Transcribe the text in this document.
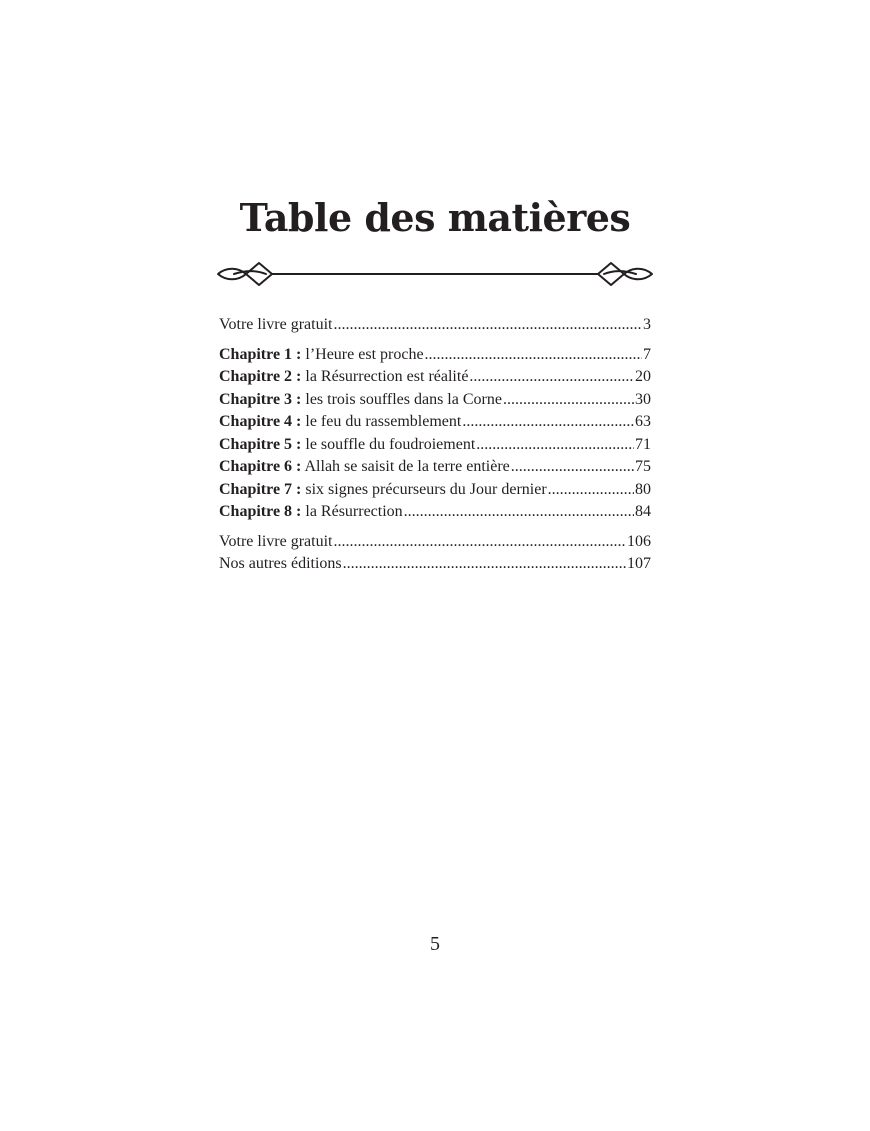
Table des matières
Votre livre gratuit .....	3
Chapitre 1 : l’Heure est proche .....	7
Chapitre 2 : la Résurrection est réalité .....	20
Chapitre 3 : les trois souffles dans la Corne .....	30
Chapitre 4 : le feu du rassemblement .....	63
Chapitre 5 : le souffle du foudroiement .....	71
Chapitre 6 : Allah se saisit de la terre entière .....	75
Chapitre 7 : six signes précurseurs du Jour dernier .....	80
Chapitre 8 : la Résurrection .....	84
Votre livre gratuit .....	106
Nos autres éditions .....	107
5
